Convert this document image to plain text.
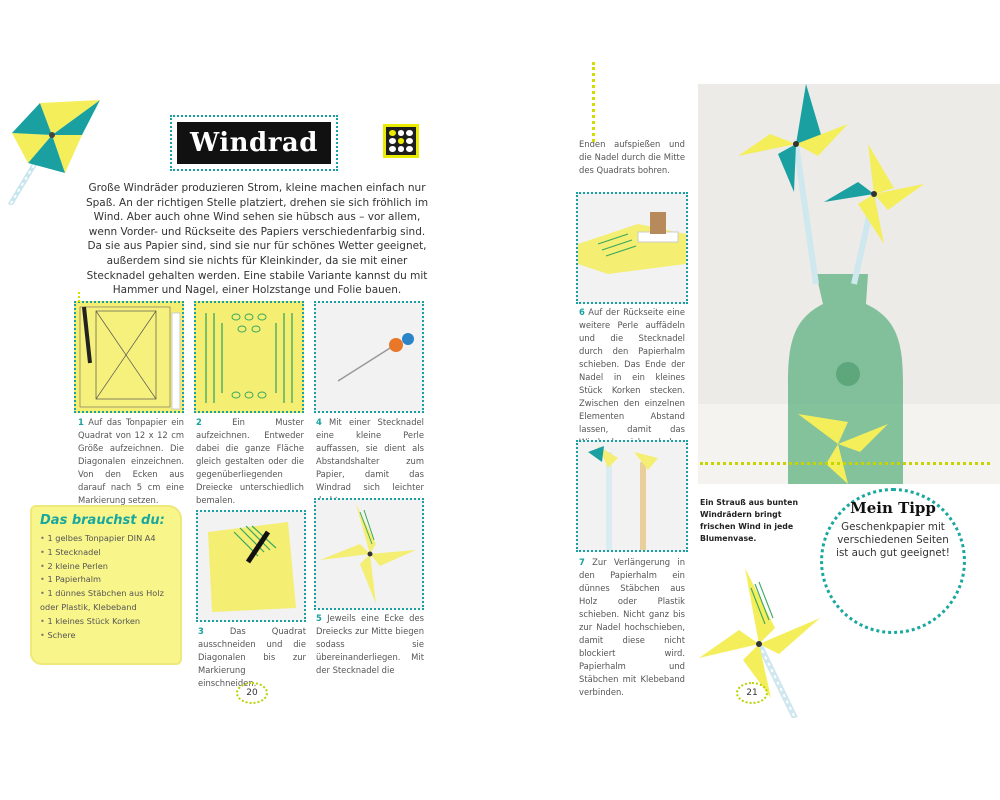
Windrad
Große Windräder produzieren Strom, kleine machen einfach nur Spaß. An der richtigen Stelle platziert, drehen sie sich fröhlich im Wind. Aber auch ohne Wind sehen sie hübsch aus – vor allem, wenn Vorder- und Rückseite des Papiers verschiedenfarbig sind. Da sie aus Papier sind, sind sie nur für schönes Wetter geeignet, außerdem sind sie nichts für Kleinkinder, da sie mit einer Stecknadel gehalten werden. Eine stabile Variante kannst du mit Hammer und Nagel, einer Holzstange und Folie bauen.
1 Auf das Tonpapier ein Quadrat von 12 x 12 cm Größe aufzeichnen. Die Diagonalen einzeichnen. Von den Ecken aus darauf nach 5 cm eine Markierung setzen.
2	Ein Muster aufzeichnen. Entweder dabei die ganze Fläche gleich gestalten oder die gegenüberliegenden Dreiecke unterschiedlich bemalen.
4 Mit einer Stecknadel eine kleine Perle auffassen, sie dient als Abstandshalter zum Papier, damit das Windrad sich leichter
3	Das Quadrat ausschneiden und die Diagonalen bis zur Markierung einschneiden.
5 Jeweils eine Ecke des Dreiecks zur Mitte biegen sodass sie übereinanderliegen. Mit der Stecknadel die
Das brauchst du:
• 1 gelbes Tonpapier DIN A4
• 1 Stecknadel
• 2 kleine Perlen
• 1 Papierhalm
• 1 dünnes Stäbchen aus Holz oder Plastik, Klebeband
• 1 kleines Stück Korken
• Schere
20
Enden aufspießen und die Nadel durch die Mitte des Quadrats bohren.
6 Auf der Rückseite eine weitere Perle auffädeln und die Stecknadel durch den Papierhalm schieben. Das Ende der Nadel in ein kleines Stück Korken stecken. Zwischen den einzelnen Elementen Abstand lassen, damit das
7 Zur Verlängerung in den Papierhalm ein dünnes Stäbchen aus Holz oder Plastik schieben. Nicht ganz bis zur Nadel hochschieben, damit diese nicht blockiert wird. Papierhalm und Stäbchen mit Klebeband verbinden.
Ein Strauß aus bunten Windrädern bringt frischen Wind in jede Blumenvase.
Mein Tipp
Geschenkpapier mit verschiedenen Seiten ist auch gut geeignet!
21
